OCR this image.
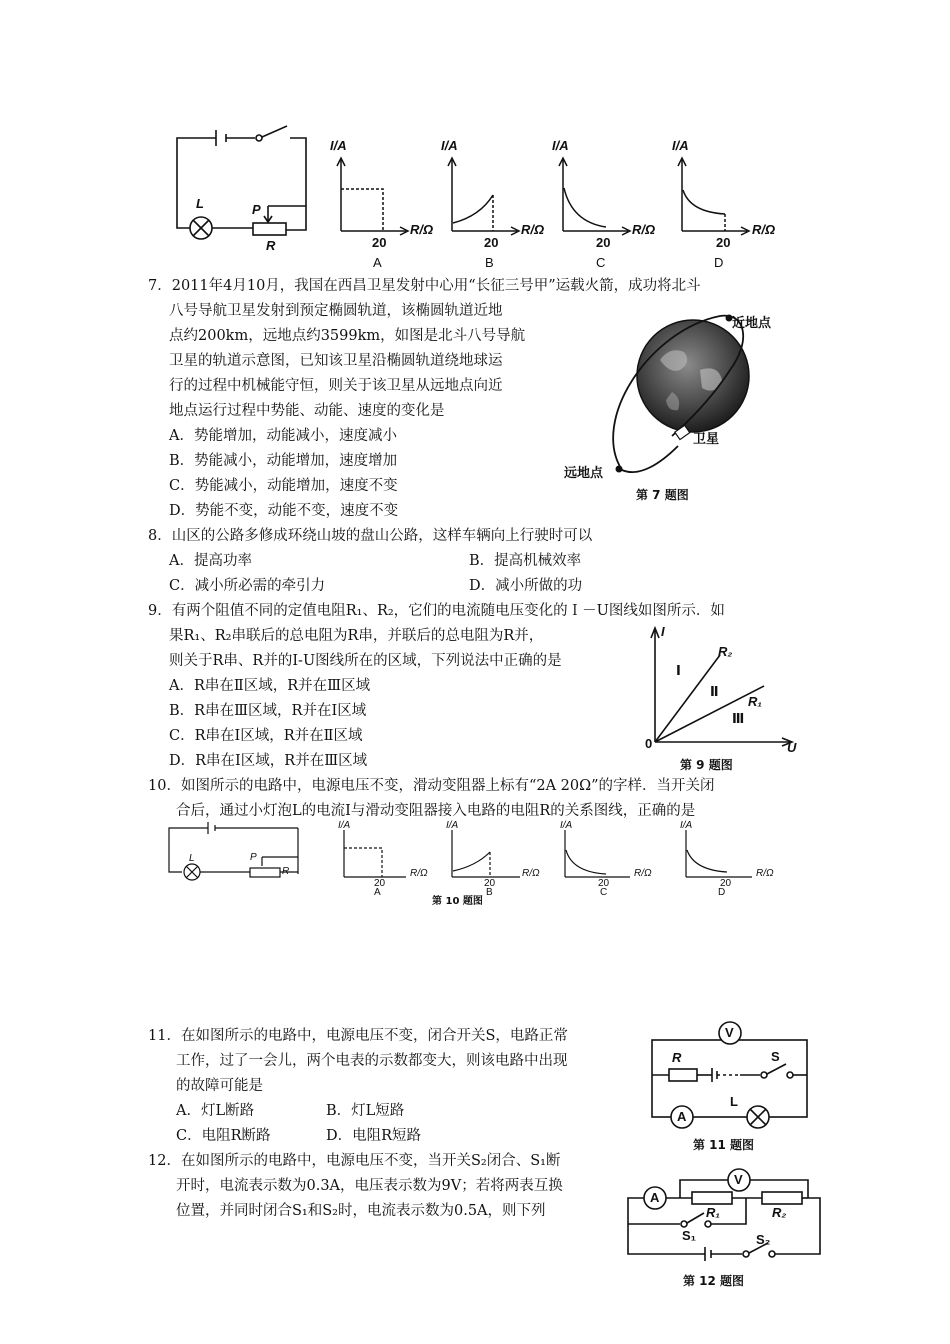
L	P
R
I/A
R/Ω
20
A
I/A
R/Ω
20
B
I/A
R/Ω
20
C
I/A
R/Ω
20
D
7．2011年4月10月，我国在西昌卫星发射中心用“长征三号甲”运载火箭，成功将北斗
八号导航卫星发射到预定椭圆轨道，该椭圆轨道近地
点约200km，远地点约3599km，如图是北斗八号导航
卫星的轨道示意图，已知该卫星沿椭圆轨道绕地球运
行的过程中机械能守恒，则关于该卫星从远地点向近
地点运行过程中势能、动能、速度的变化是
A．势能增加，动能减小，速度减小
B．势能减小，动能增加，速度增加
C．势能减小，动能增加，速度不变
D．势能不变，动能不变，速度不变
近地点
卫星
远地点
第 7 题图
8．山区的公路多修成环绕山坡的盘山公路，这样车辆向上行驶时可以
A．提高功率	B．提高机械效率
C．减小所必需的牵引力	D．减小所做的功
9．有两个阻值不同的定值电阻R₁、R₂，它们的电流随电压变化的Ｉ－U图线如图所示．如
果R₁、R₂串联后的总电阻为R串，并联后的总电阻为R并，
则关于R串、R并的I-U图线所在的区域，下列说法中正确的是
A．R串在Ⅱ区域，R并在Ⅲ区域
B．R串在Ⅲ区域，R并在Ⅰ区域
C．R串在Ⅰ区域，R并在Ⅱ区域
D．R串在Ⅰ区域，R并在Ⅲ区域
I
U
0
R₂
R₁
Ⅰ
Ⅱ
Ⅲ
第 9 题图
10．如图所示的电路中，电源电压不变，滑动变阻器上标有“2A 20Ω”的字样．当开关闭
合后，通过小灯泡L的电流I与滑动变阻器接入电路的电阻R的关系图线，正确的是
L	P
R
I/A
R/Ω
20
A
I/A
R/Ω
20
B
I/A
R/Ω
20
C
I/A
R/Ω
20
D
第 10 题图
11．在如图所示的电路中，电源电压不变，闭合开关S，电路正常
工作，过了一会儿，两个电表的示数都变大，则该电路中出现
的故障可能是
A．灯L断路	B．灯L短路
C．电阻R断路	D．电阻R短路
V
R	S
A
L
第 11 题图
12．在如图所示的电路中，电源电压不变，当开关S₂闭合、S₁断
开时，电流表示数为0.3A，电压表示数为9V；若将两表互换
位置，并同时闭合S₁和S₂时，电流表示数为0.5A，则下列
A
V
R₁	R₂
S₁	S₂
第 12 题图
